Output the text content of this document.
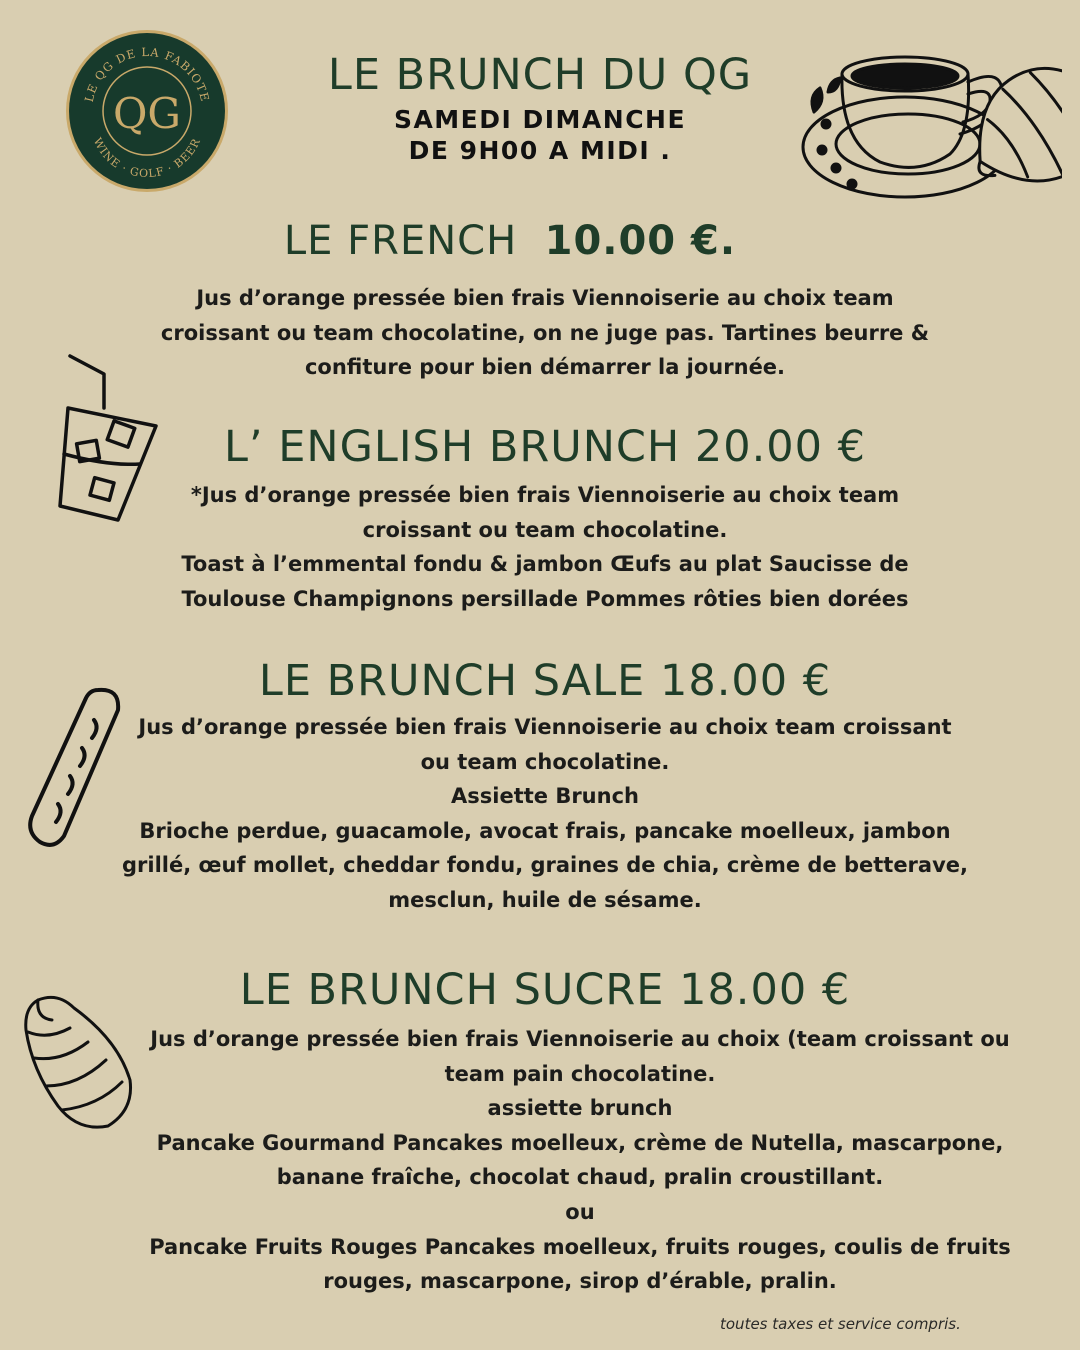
LE QG DE LA FABIOTE
WINE · GOLF · BEER
QG
LE BRUNCH DU QG
SAMEDI DIMANCHE
DE 9H00 A MIDI .
LE FRENCH 10.00 €.
Jus d’orange pressée bien frais Viennoiserie au choix team
croissant ou team chocolatine, on ne juge pas. Tartines beurre &
confiture pour bien démarrer la journée.
L’ ENGLISH BRUNCH 20.00 €
*Jus d’orange pressée bien frais Viennoiserie au choix team
croissant ou team chocolatine.
Toast à l’emmental fondu & jambon Œufs au plat Saucisse de
Toulouse Champignons persillade Pommes rôties bien dorées
LE BRUNCH SALE 18.00 €
Jus d’orange pressée bien frais Viennoiserie au choix team croissant
ou team chocolatine.
Assiette Brunch
Brioche perdue, guacamole, avocat frais, pancake moelleux, jambon
grillé, œuf mollet, cheddar fondu, graines de chia, crème de betterave,
mesclun, huile de sésame.
LE BRUNCH SUCRE 18.00 €
Jus d’orange pressée bien frais Viennoiserie au choix (team croissant ou
team pain chocolatine.
assiette brunch
Pancake Gourmand Pancakes moelleux, crème de Nutella, mascarpone,
banane fraîche, chocolat chaud, pralin croustillant.
ou
Pancake Fruits Rouges Pancakes moelleux, fruits rouges, coulis de fruits
rouges, mascarpone, sirop d’érable, pralin.
toutes taxes et service compris.
